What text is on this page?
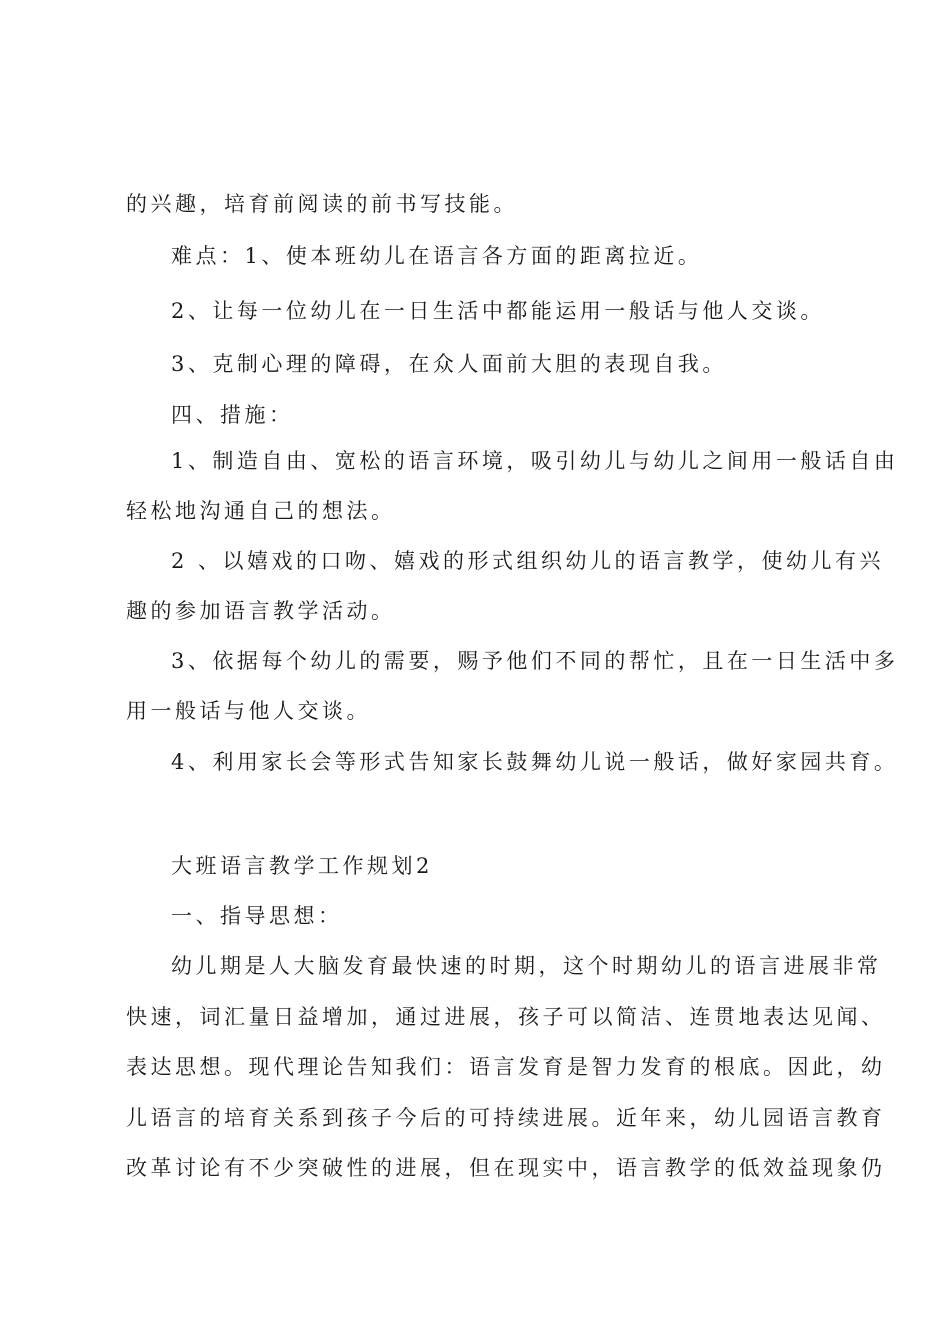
的兴趣，培育前阅读的前书写技能。
难点：1、使本班幼儿在语言各方面的距离拉近。
2、让每一位幼儿在一日生活中都能运用一般话与他人交谈。
3、克制心理的障碍，在众人面前大胆的表现自我。
四、措施：
1、制造自由、宽松的语言环境，吸引幼儿与幼儿之间用一般话自由
轻松地沟通自己的想法。
2 、以嬉戏的口吻、嬉戏的形式组织幼儿的语言教学，使幼儿有兴
趣的参加语言教学活动。
3、依据每个幼儿的需要，赐予他们不同的帮忙，且在一日生活中多
用一般话与他人交谈。
4、利用家长会等形式告知家长鼓舞幼儿说一般话，做好家园共育。
大班语言教学工作规划2
一、指导思想：
幼儿期是人大脑发育最快速的时期，这个时期幼儿的语言进展非常
快速，词汇量日益增加，通过进展，孩子可以简洁、连贯地表达见闻、
表达思想。现代理论告知我们：语言发育是智力发育的根底。因此，幼
儿语言的培育关系到孩子今后的可持续进展。近年来，幼儿园语言教育
改革讨论有不少突破性的进展，但在现实中，语言教学的低效益现象仍
